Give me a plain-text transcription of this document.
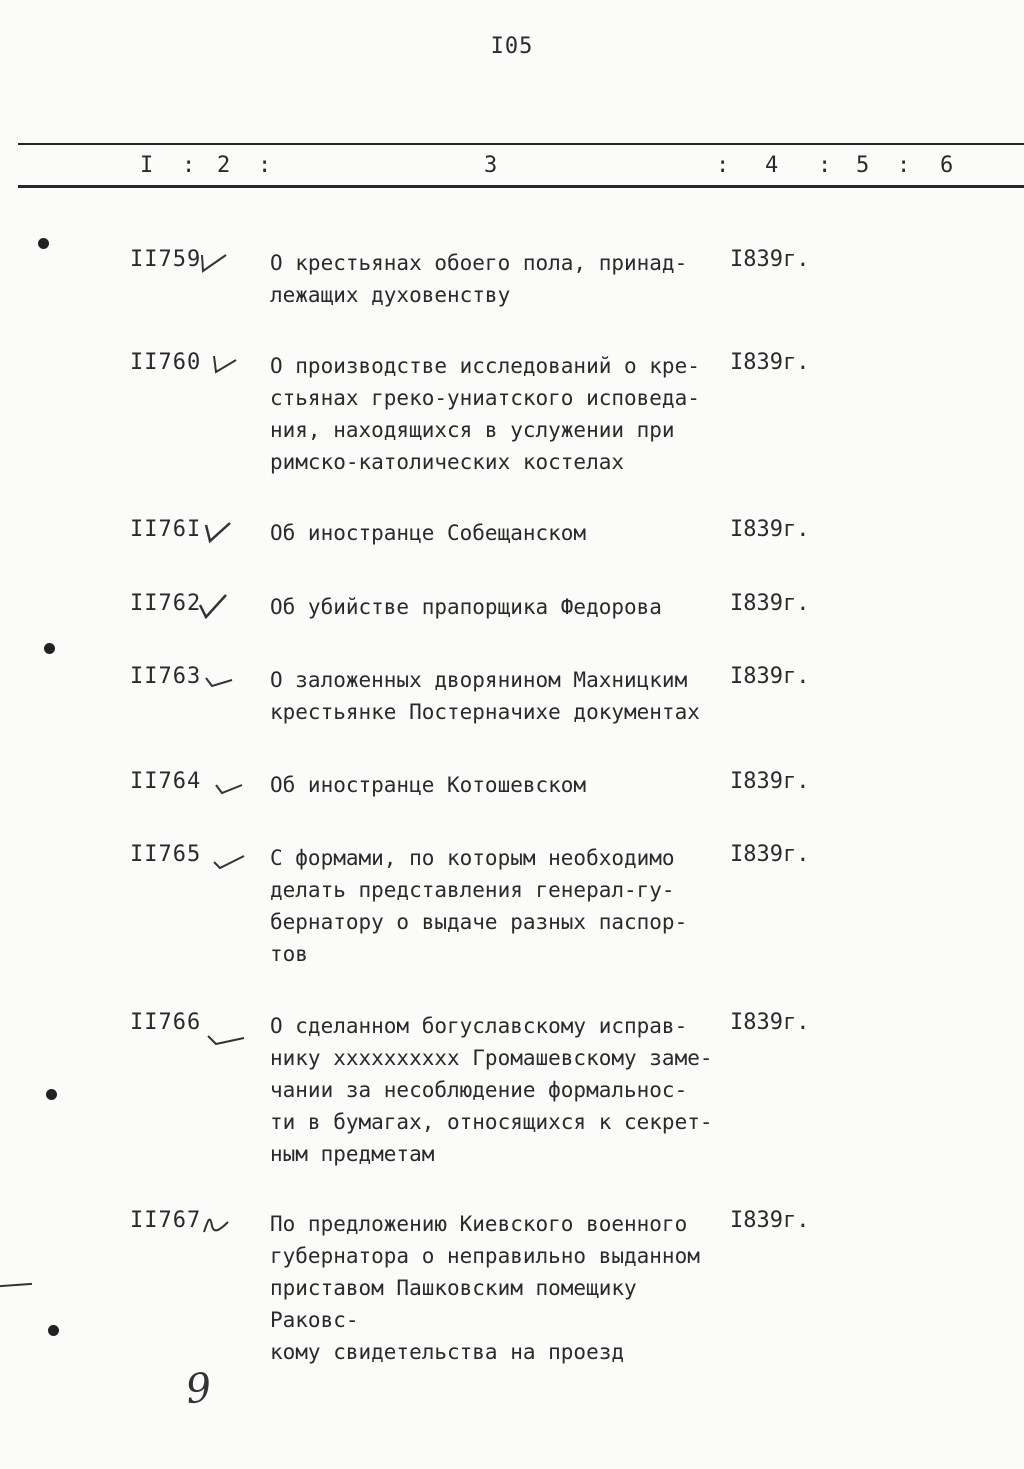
I05
I : 2 :	3	: 4 : 5 : 6
II759	О крестьянах обоего пола, принад-
лежащих духовенству
I839г.
II760	О производстве исследований о кре-
стьянах греко-униатского исповеда-
ния, находящихся в услужении при
римско-католических костелах
I839г.
II76I	Об иностранце Собещанском	I839г.
II762	Об убийстве прапорщика Федорова	I839г.
II763	О заложенных дворянином Махницким
крестьянке Постерначихе документах
I839г.
II764	Об иностранце Котошевском	I839г.
II765	С формами, по которым необходимо
делать представления генерал-гу-
бернатору о выдаче разных паспор-
тов
I839г.
II766	О сделанном богуславскому исправ-
нику xxxxxxxxxx Громашевскому заме-
чании за несоблюдение формальнос-
ти в бумагах, относящихся к секрет-
ным предметам
I839г.
II767	По предложению Киевского военного
губернатора о неправильно выданном
приставом Пашковским помещику Раковс-
кому свидетельства на проезд
I839г.
9
